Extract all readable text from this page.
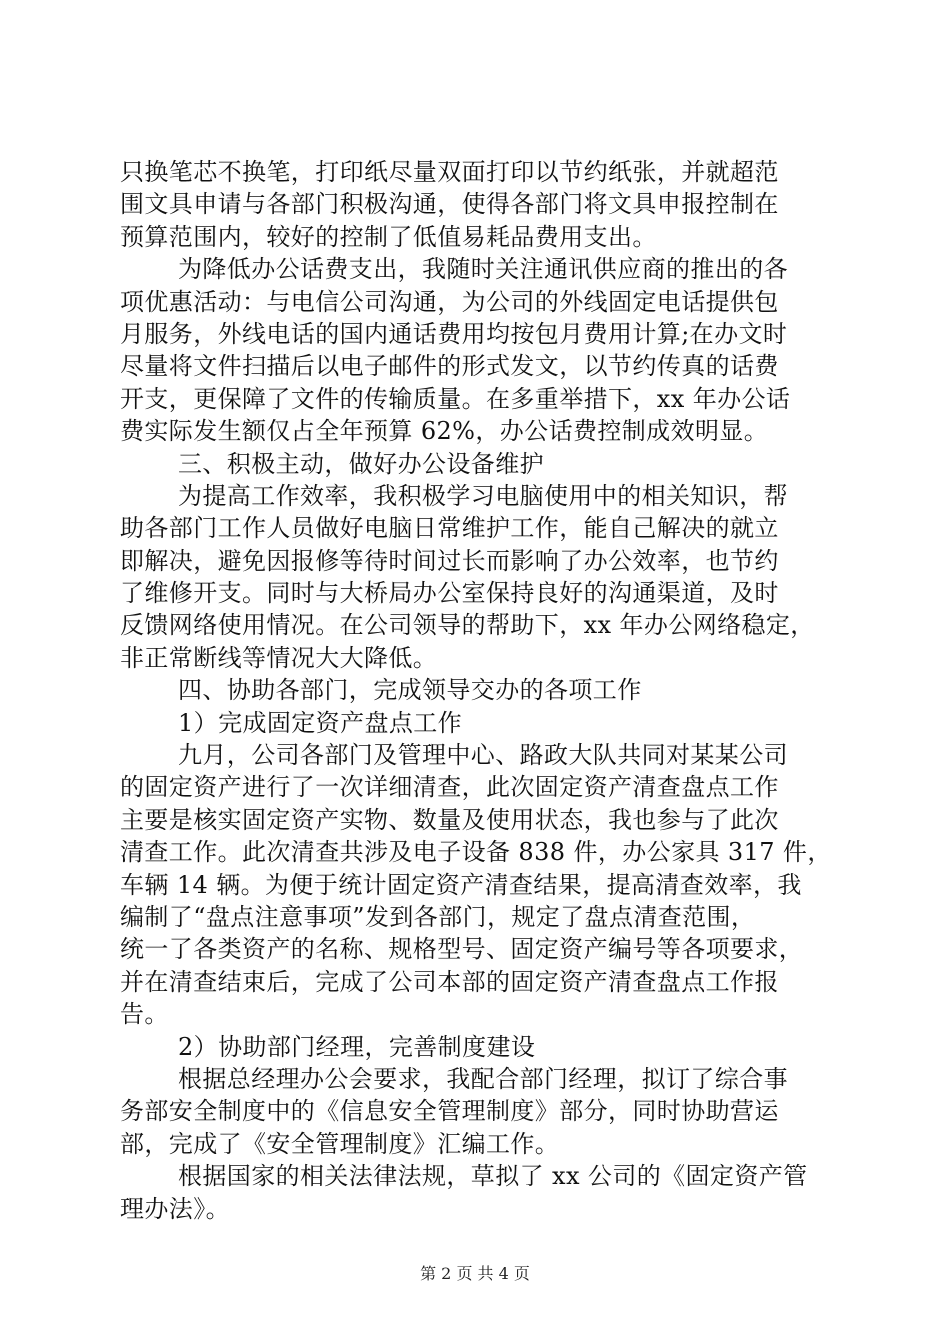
只换笔芯不换笔，打印纸尽量双面打印以节约纸张，并就超范
围文具申请与各部门积极沟通，使得各部门将文具申报控制在
预算范围内，较好的控制了低值易耗品费用支出。
为降低办公话费支出，我随时关注通讯供应商的推出的各
项优惠活动：与电信公司沟通，为公司的外线固定电话提供包
月服务，外线电话的国内通话费用均按包月费用计算;在办文时
尽量将文件扫描后以电子邮件的形式发文，以节约传真的话费
开支，更保障了文件的传输质量。在多重举措下，xx 年办公话
费实际发生额仅占全年预算 62%，办公话费控制成效明显。
三、积极主动，做好办公设备维护
为提高工作效率，我积极学习电脑使用中的相关知识，帮
助各部门工作人员做好电脑日常维护工作，能自己解决的就立
即解决，避免因报修等待时间过长而影响了办公效率，也节约
了维修开支。同时与大桥局办公室保持良好的沟通渠道，及时
反馈网络使用情况。在公司领导的帮助下，xx 年办公网络稳定，
非正常断线等情况大大降低。
四、协助各部门，完成领导交办的各项工作
1）完成固定资产盘点工作
九月，公司各部门及管理中心、路政大队共同对某某公司
的固定资产进行了一次详细清查，此次固定资产清查盘点工作
主要是核实固定资产实物、数量及使用状态，我也参与了此次
清查工作。此次清查共涉及电子设备 838 件，办公家具 317 件，
车辆 14 辆。为便于统计固定资产清查结果，提高清查效率，我
编制了“盘点注意事项”发到各部门，规定了盘点清查范围，
统一了各类资产的名称、规格型号、固定资产编号等各项要求，
并在清查结束后，完成了公司本部的固定资产清查盘点工作报
告。
2）协助部门经理，完善制度建设
根据总经理办公会要求，我配合部门经理，拟订了综合事
务部安全制度中的《信息安全管理制度》部分，同时协助营运
部，完成了《安全管理制度》汇编工作。
根据国家的相关法律法规，草拟了 xx 公司的《固定资产管
理办法》。
第 2 页 共 4 页
